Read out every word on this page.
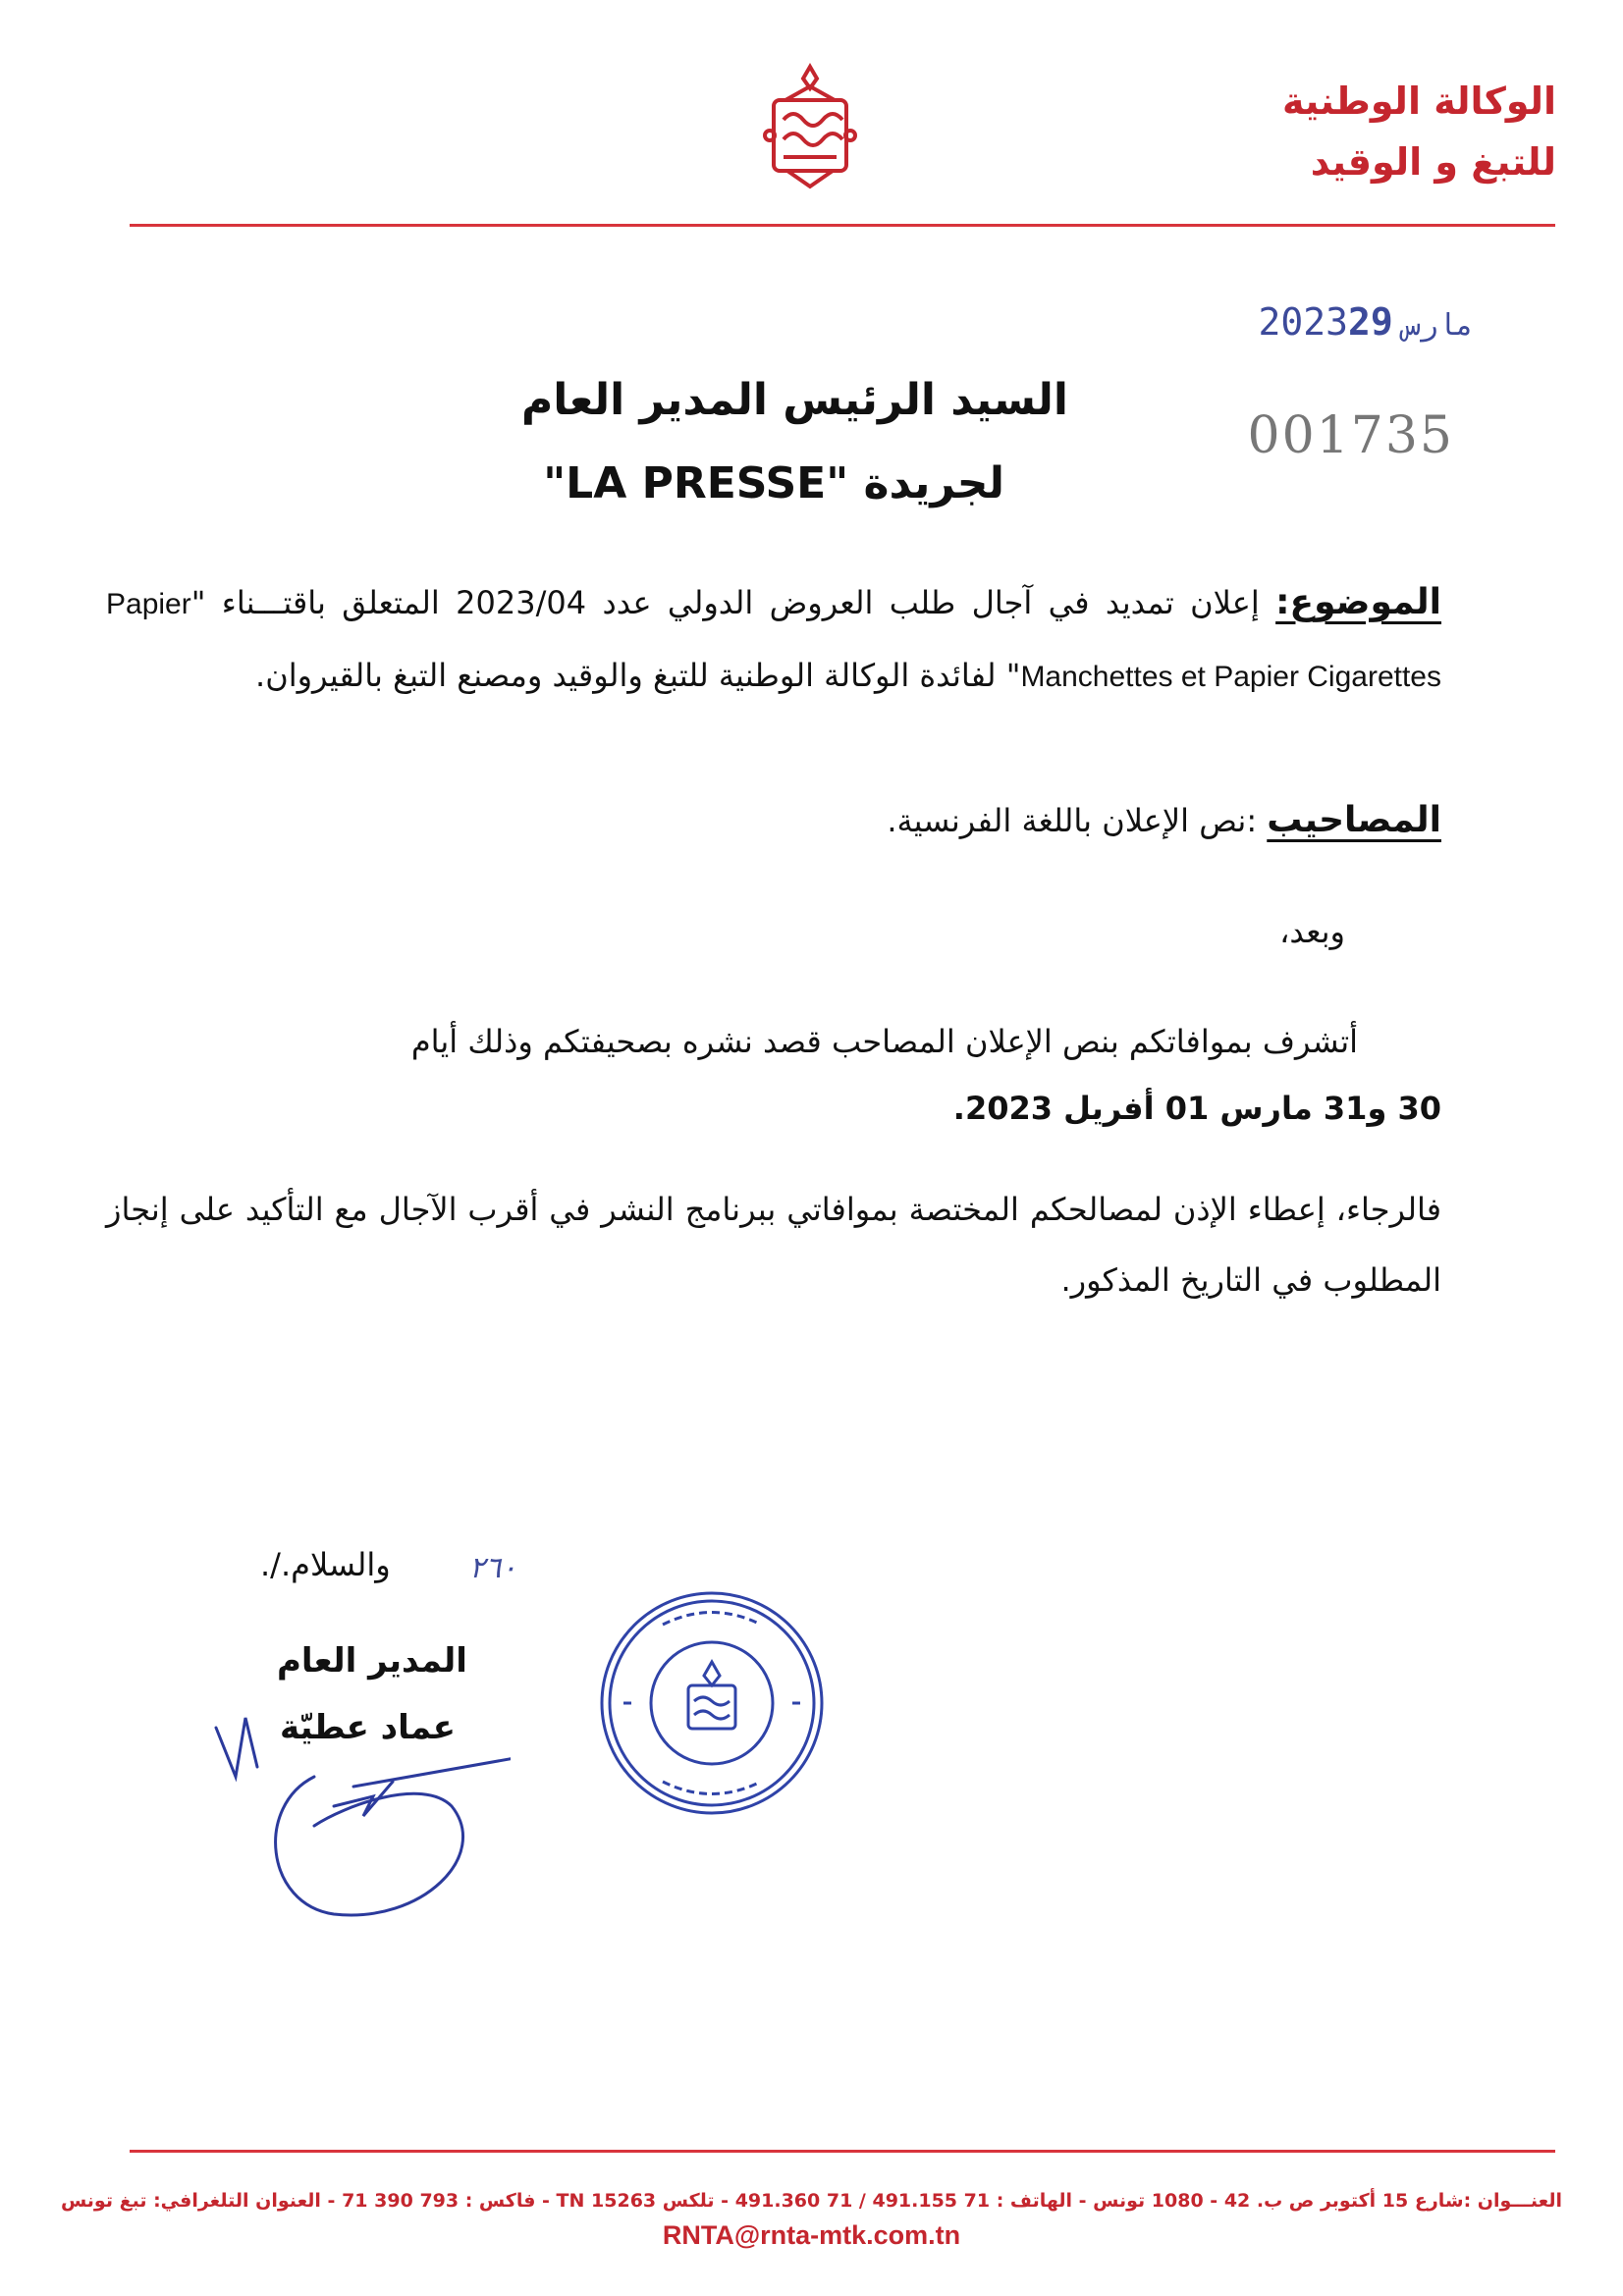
الوكالة الوطنية
للتبغ و الوقيد
2023 مارس29
001735
السيد الرئيس المدير العام
لجريدة "LA PRESSE"
الموضوع: إعلان تمديد في آجال طلب العروض الدولي عدد 2023/04 المتعلق باقتـــناء "Papier Manchettes et Papier Cigarettes" لفائدة الوكالة الوطنية للتبغ والوقيد ومصنع التبغ بالقيروان.
المصاحيب :نص الإعلان باللغة الفرنسية.
وبعد،
أتشرف بموافاتكم بنص الإعلان المصاحب قصد نشره بصحيفتكم وذلك أيام
30 و31 مارس 01 أفريل 2023.
فالرجاء، إعطاء الإذن لمصالحكم المختصة بموافاتي ببرنامج النشر في أقرب الآجال مع التأكيد على إنجاز المطلوب في التاريخ المذكور.
والسلام./.	٢٦٠
المدير العام
عماد عطيّة
العنـــوان :شارع 15 أكتوبر ص ب. 42 - 1080 تونس - الهاتف : 71 491.155 / 71 491.360 - تلكس 15263 TN - فاكس : 793 390 71 - العنوان التلغرافي: تبغ تونس
RNTA@rnta-mtk.com.tn
